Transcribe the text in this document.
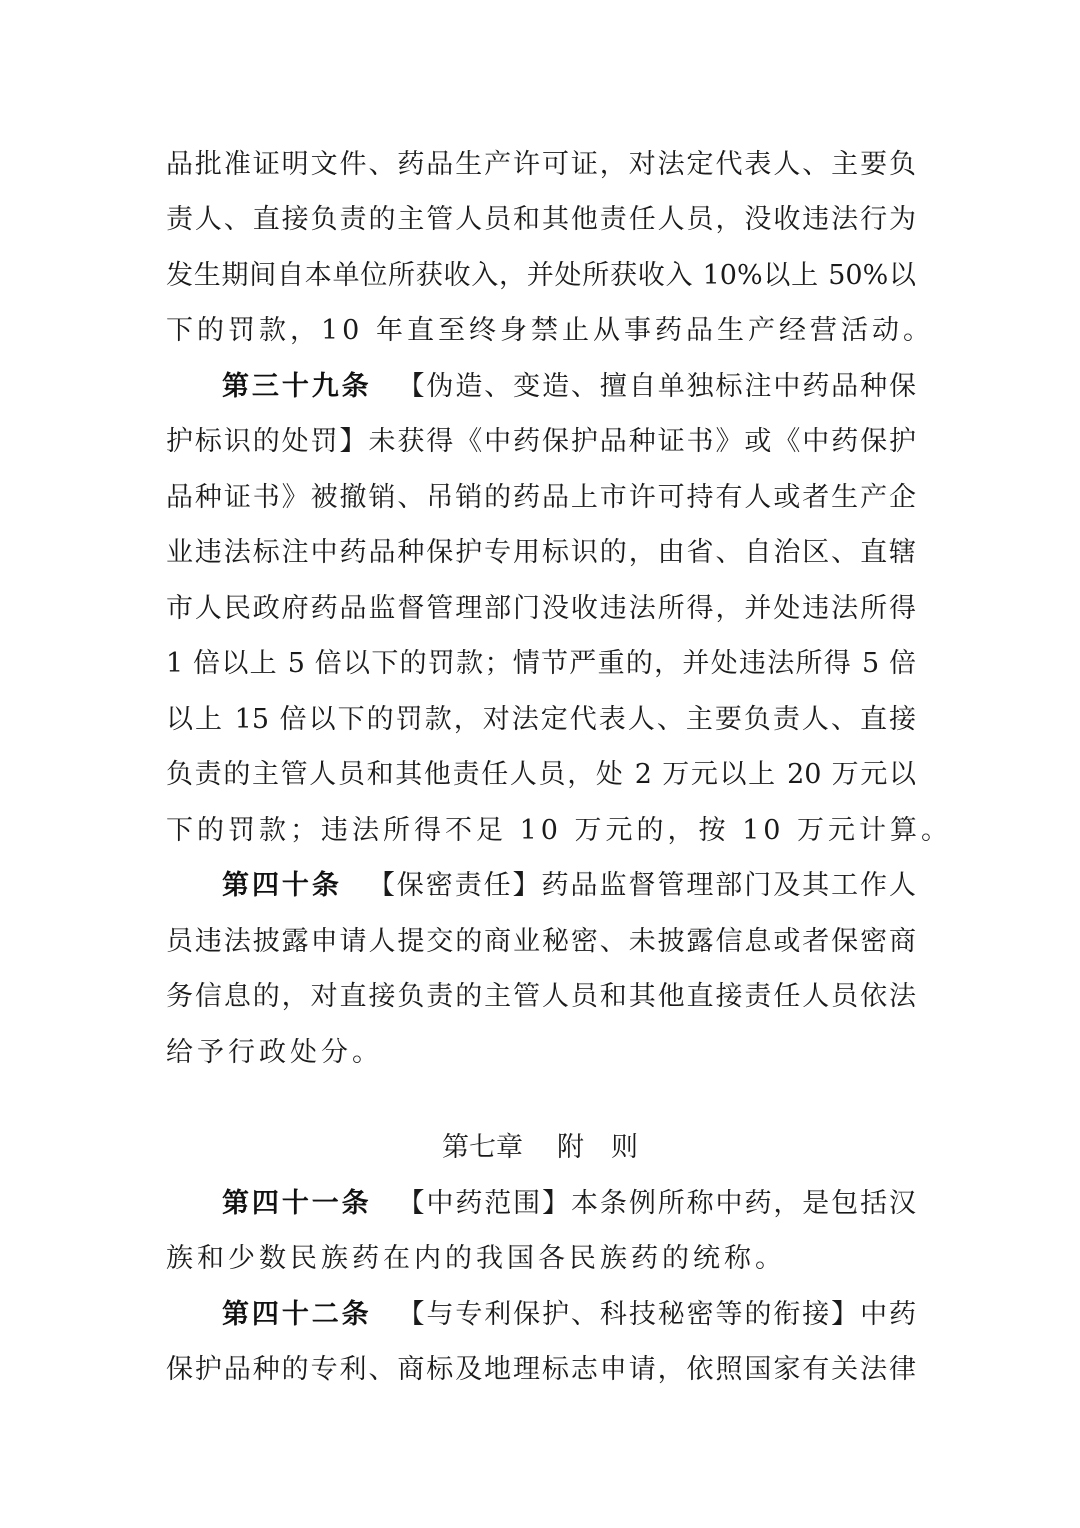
品批准证明文件、药品生产许可证，对法定代表人、主要负
责人、直接负责的主管人员和其他责任人员，没收违法行为
发生期间自本单位所获收入，并处所获收入 10%以上 50%以
下的罚款，10 年直至终身禁止从事药品生产经营活动。
第三十九条 【伪造、变造、擅自单独标注中药品种保
护标识的处罚】未获得《中药保护品种证书》或《中药保护
品种证书》被撤销、吊销的药品上市许可持有人或者生产企
业违法标注中药品种保护专用标识的，由省、自治区、直辖
市人民政府药品监督管理部门没收违法所得，并处违法所得
1 倍以上 5 倍以下的罚款；情节严重的，并处违法所得 5 倍
以上 15 倍以下的罚款，对法定代表人、主要负责人、直接
负责的主管人员和其他责任人员，处 2 万元以上 20 万元以
下的罚款；违法所得不足 10 万元的，按 10 万元计算。
第四十条 【保密责任】药品监督管理部门及其工作人
员违法披露申请人提交的商业秘密、未披露信息或者保密商
务信息的，对直接负责的主管人员和其他直接责任人员依法
给予行政处分。
第七章 附　则
第四十一条 【中药范围】本条例所称中药，是包括汉
族和少数民族药在内的我国各民族药的统称。
第四十二条 【与专利保护、科技秘密等的衔接】中药
保护品种的专利、商标及地理标志申请，依照国家有关法律
